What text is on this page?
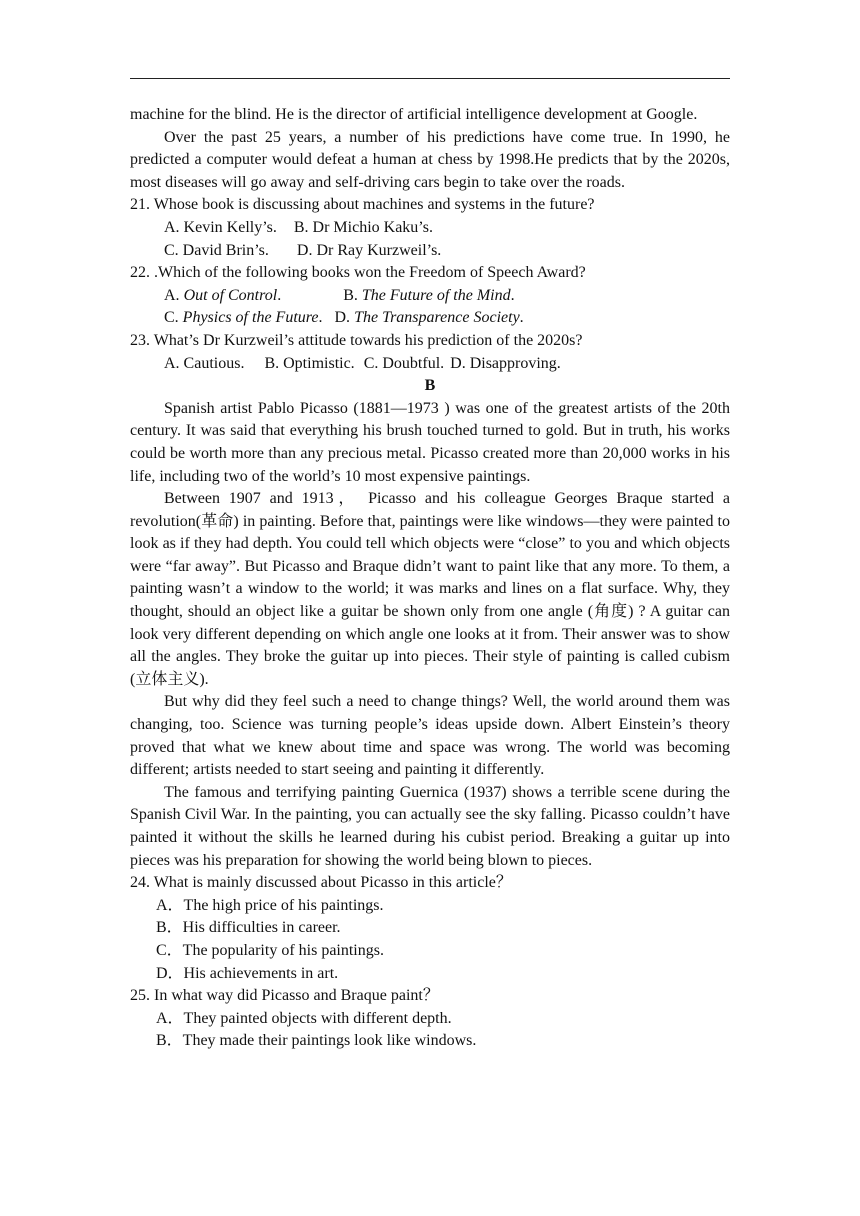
machine for the blind. He is the director of artificial intelligence development at Google.

Over the past 25 years, a number of his predictions have come true. In 1990, he predicted a computer would defeat a human at chess by 1998.He predicts that by the 2020s, most diseases will go away and self-driving cars begin to take over the roads.

21. Whose book is discussing about machines and systems in the future?

A. Kevin Kelly’s. B. Dr Michio Kaku’s.
C. David Brin’s. D. Dr Ray Kurzweil’s.

22. .Which of the following books won the Freedom of Speech Award?

A. Out of Control.	B. The Future of the Mind.
C. Physics of the Future. D. The Transparence Society.

23. What’s Dr Kurzweil’s attitude towards his prediction of the 2020s?

A. Cautious. B. Optimistic. C. Doubtful. D. Disapproving.

B

Spanish artist Pablo Picasso (1881—1973 ) was one of the greatest artists of the 20th century. It was said that everything his brush touched turned to gold. But in truth, his works could be worth more than any precious metal. Picasso created more than 20,000 works in his life, including two of the world’s 10 most expensive paintings.

Between 1907 and 1913， Picasso and his colleague Georges Braque started a revolution(革命) in painting. Before that, paintings were like windows—they were painted to look as if they had depth. You could tell which objects were “close” to you and which objects were “far away”. But Picasso and Braque didn’t want to paint like that any more. To them, a painting wasn’t a window to the world; it was marks and lines on a flat surface. Why, they thought, should an object like a guitar be shown only from one angle (角度) ? A guitar can look very different depending on which angle one looks at it from. Their answer was to show all the angles. They broke the guitar up into pieces. Their style of painting is called cubism (立体主义).

But why did they feel such a need to change things? Well, the world around them was changing, too. Science was turning people’s ideas upside down. Albert Einstein’s theory proved that what we knew about time and space was wrong. The world was becoming different; artists needed to start seeing and painting it differently.

The famous and terrifying painting Guernica (1937) shows a terrible scene during the Spanish Civil War. In the painting, you can actually see the sky falling. Picasso couldn’t have painted it without the skills he learned during his cubist period. Breaking a guitar up into pieces was his preparation for showing the world being blown to pieces.

24. What is mainly discussed about Picasso in this article？

A．The high price of his paintings.

B．His difficulties in career.

C．The popularity of his paintings.

D．His achievements in art.

25. In what way did Picasso and Braque paint？

A．They painted objects with different depth.

B．They made their paintings look like windows.
